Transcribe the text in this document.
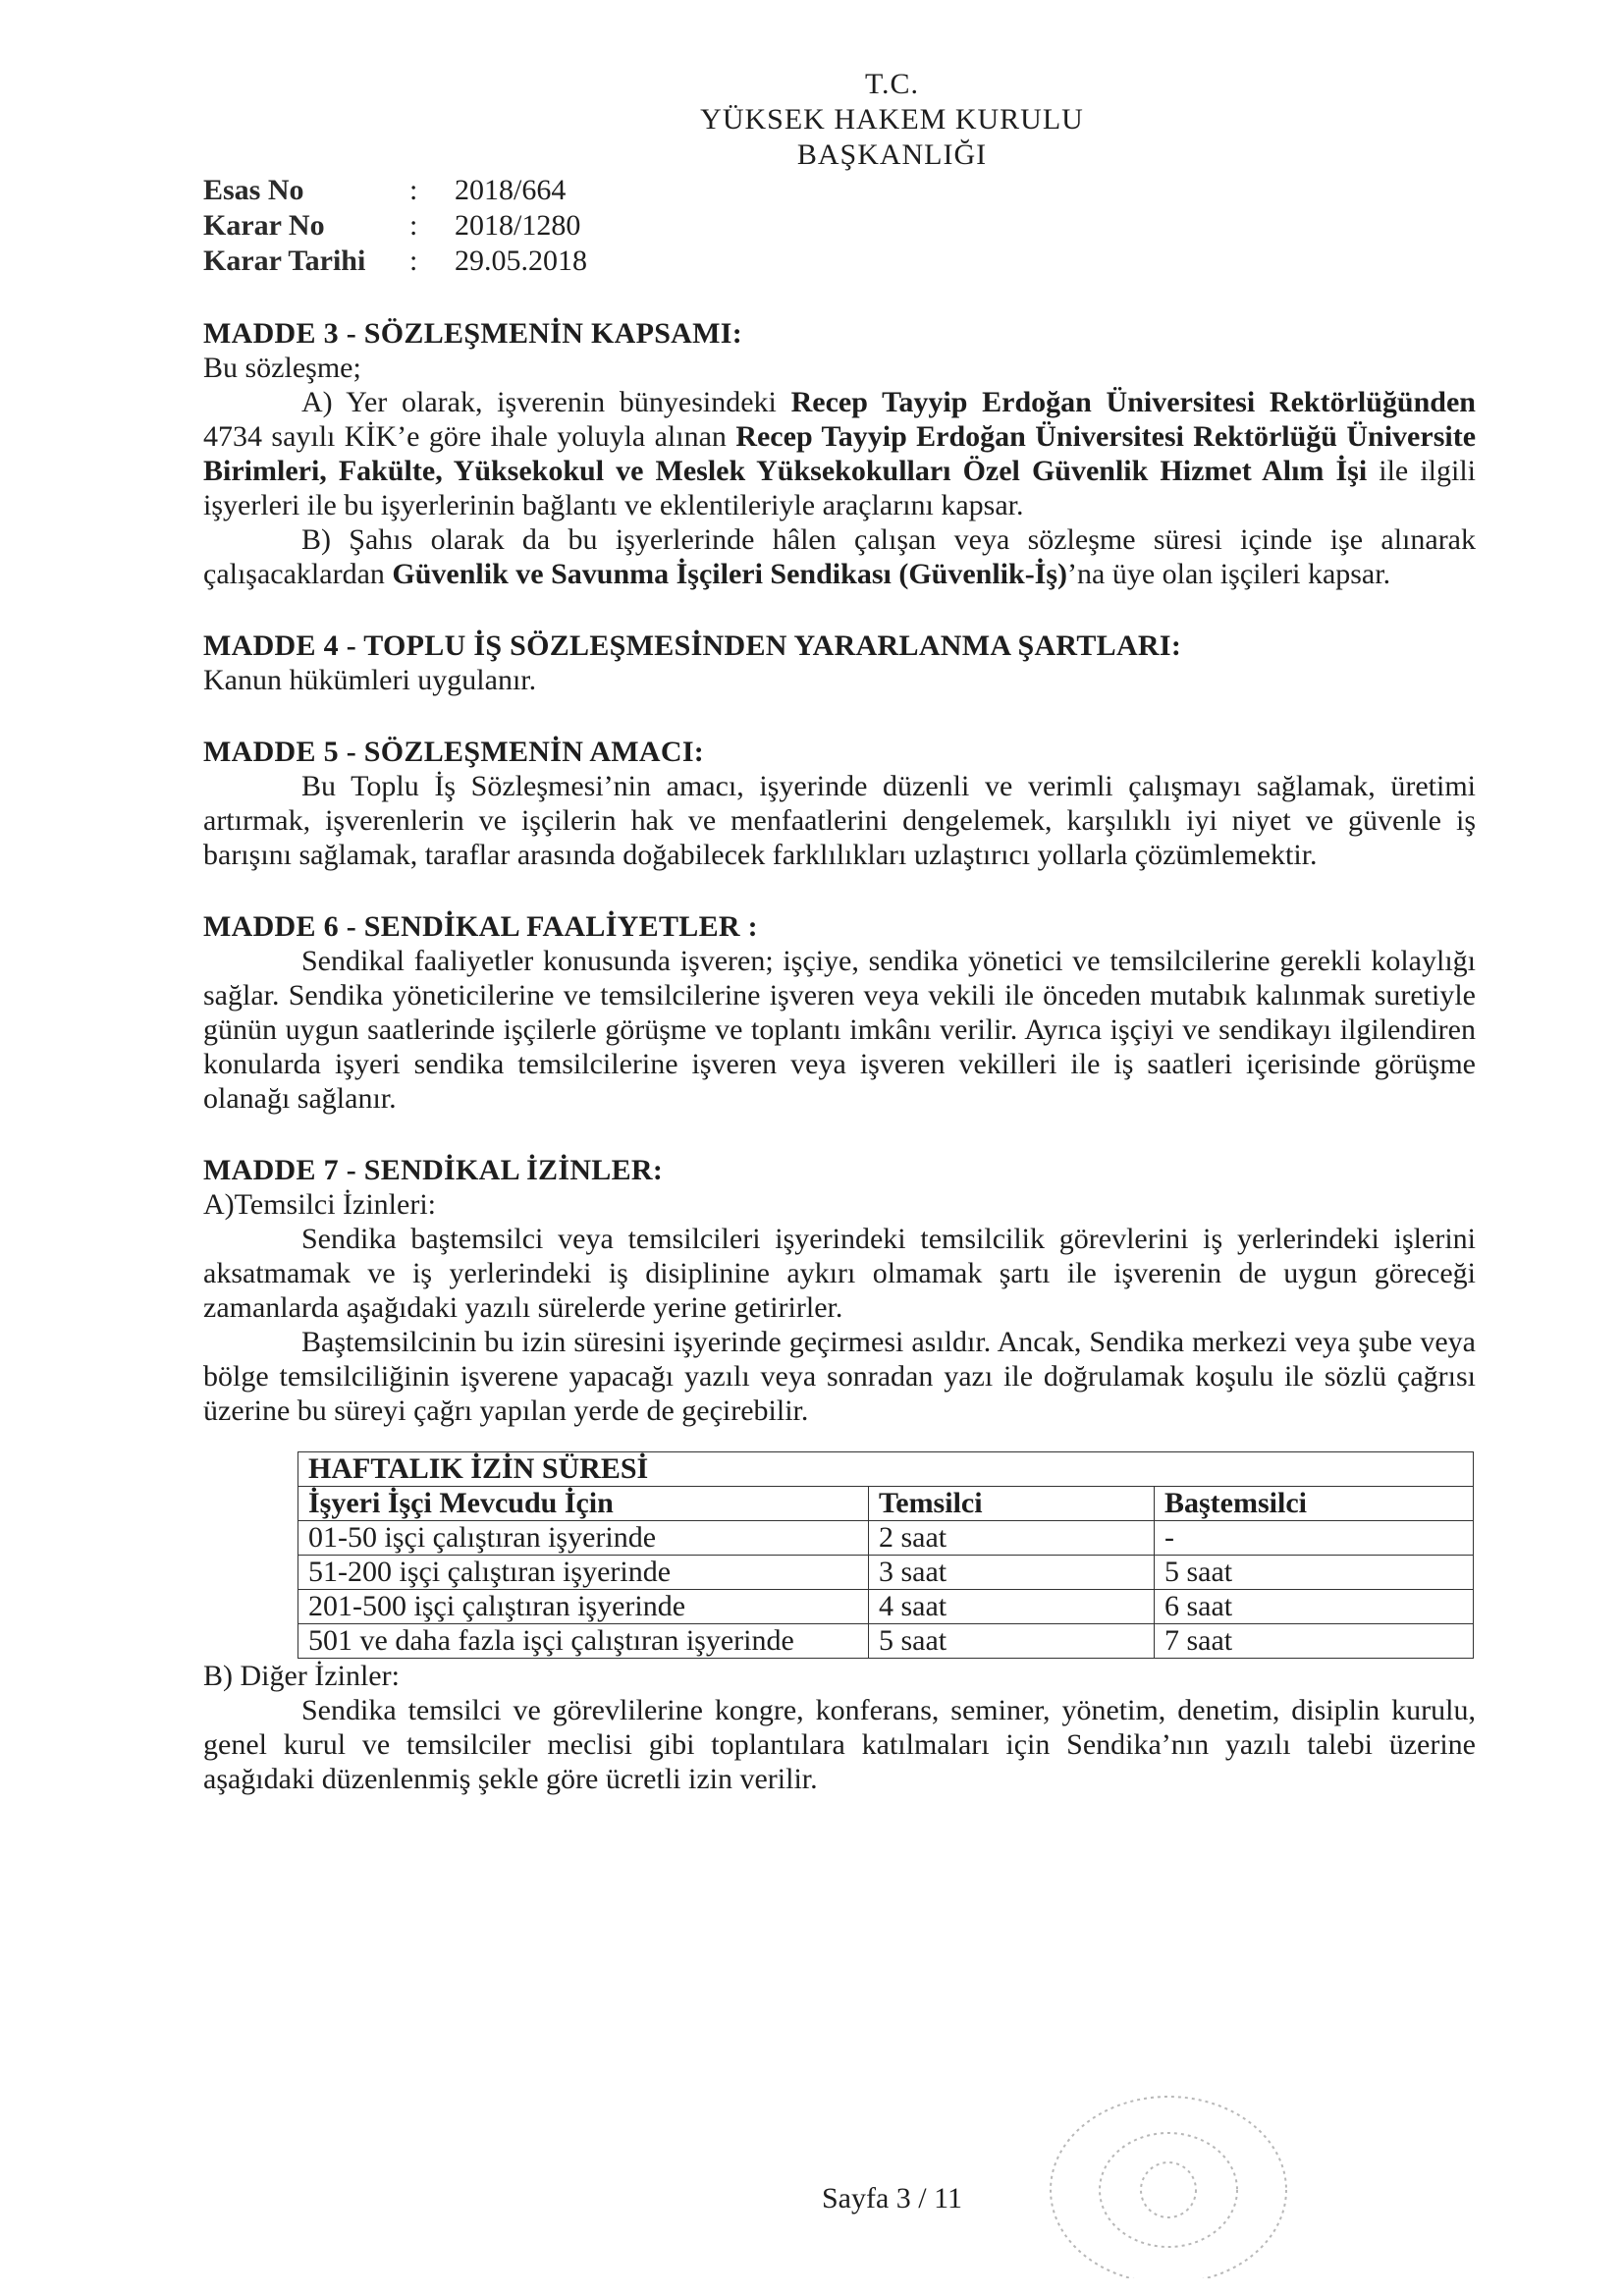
T.C.
YÜKSEK HAKEM KURULU
BAŞKANLIĞI
Esas No	:	2018/664
Karar No	:	2018/1280
Karar Tarihi	:	29.05.2018

MADDE 3 - SÖZLEŞMENİN KAPSAMI:

Bu sözleşme;

A) Yer olarak, işverenin bünyesindeki Recep Tayyip Erdoğan Üniversitesi Rektörlüğünden 4734 sayılı KİK’e göre ihale yoluyla alınan Recep Tayyip Erdoğan Üniversitesi Rektörlüğü Üniversite Birimleri, Fakülte, Yüksekokul ve Meslek Yüksekokulları Özel Güvenlik Hizmet Alım İşi ile ilgili işyerleri ile bu işyerlerinin bağlantı ve eklentileriyle araçlarını kapsar.

B) Şahıs olarak da bu işyerlerinde hâlen çalışan veya sözleşme süresi içinde işe alınarak çalışacaklardan Güvenlik ve Savunma İşçileri Sendikası (Güvenlik-İş)’na üye olan işçileri kapsar.

MADDE 4 - TOPLU İŞ SÖZLEŞMESİNDEN YARARLANMA ŞARTLARI:

Kanun hükümleri uygulanır.

MADDE 5 - SÖZLEŞMENİN AMACI:

Bu Toplu İş Sözleşmesi’nin amacı, işyerinde düzenli ve verimli çalışmayı sağlamak, üretimi artırmak, işverenlerin ve işçilerin hak ve menfaatlerini dengelemek, karşılıklı iyi niyet ve güvenle iş barışını sağlamak, taraflar arasında doğabilecek farklılıkları uzlaştırıcı yollarla çözümlemektir.

MADDE 6 - SENDİKAL FAALİYETLER :

Sendikal faaliyetler konusunda işveren; işçiye, sendika yönetici ve temsilcilerine gerekli kolaylığı sağlar. Sendika yöneticilerine ve temsilcilerine işveren veya vekili ile önceden mutabık kalınmak suretiyle günün uygun saatlerinde işçilerle görüşme ve toplantı imkânı verilir. Ayrıca işçiyi ve sendikayı ilgilendiren konularda işyeri sendika temsilcilerine işveren veya işveren vekilleri ile iş saatleri içerisinde görüşme olanağı sağlanır.

MADDE 7 - SENDİKAL İZİNLER:

A)Temsilci İzinleri:

Sendika baştemsilci veya temsilcileri işyerindeki temsilcilik görevlerini iş yerlerindeki işlerini aksatmamak ve iş yerlerindeki iş disiplinine aykırı olmamak şartı ile işverenin de uygun göreceği zamanlarda aşağıdaki yazılı sürelerde yerine getirirler.

Baştemsilcinin bu izin süresini işyerinde geçirmesi asıldır. Ancak, Sendika merkezi veya şube veya bölge temsilciliğinin işverene yapacağı yazılı veya sonradan yazı ile doğrulamak koşulu ile sözlü çağrısı üzerine bu süreyi çağrı yapılan yerde de geçirebilir.

HAFTALIK İZİN SÜRESİ		
İşyeri İşçi Mevcudu İçin	Temsilci	Baştemsilci
01-50 işçi çalıştıran işyerinde	2 saat	-
51-200 işçi çalıştıran işyerinde	3 saat	5 saat
201-500 işçi çalıştıran işyerinde	4 saat	6 saat
501 ve daha fazla işçi çalıştıran işyerinde	5 saat	7 saat

B) Diğer İzinler:

Sendika temsilci ve görevlilerine kongre, konferans, seminer, yönetim, denetim, disiplin kurulu, genel kurul ve temsilciler meclisi gibi toplantılara katılmaları için Sendika’nın yazılı talebi üzerine aşağıdaki düzenlenmiş şekle göre ücretli izin verilir.

Sayfa 3 / 11
